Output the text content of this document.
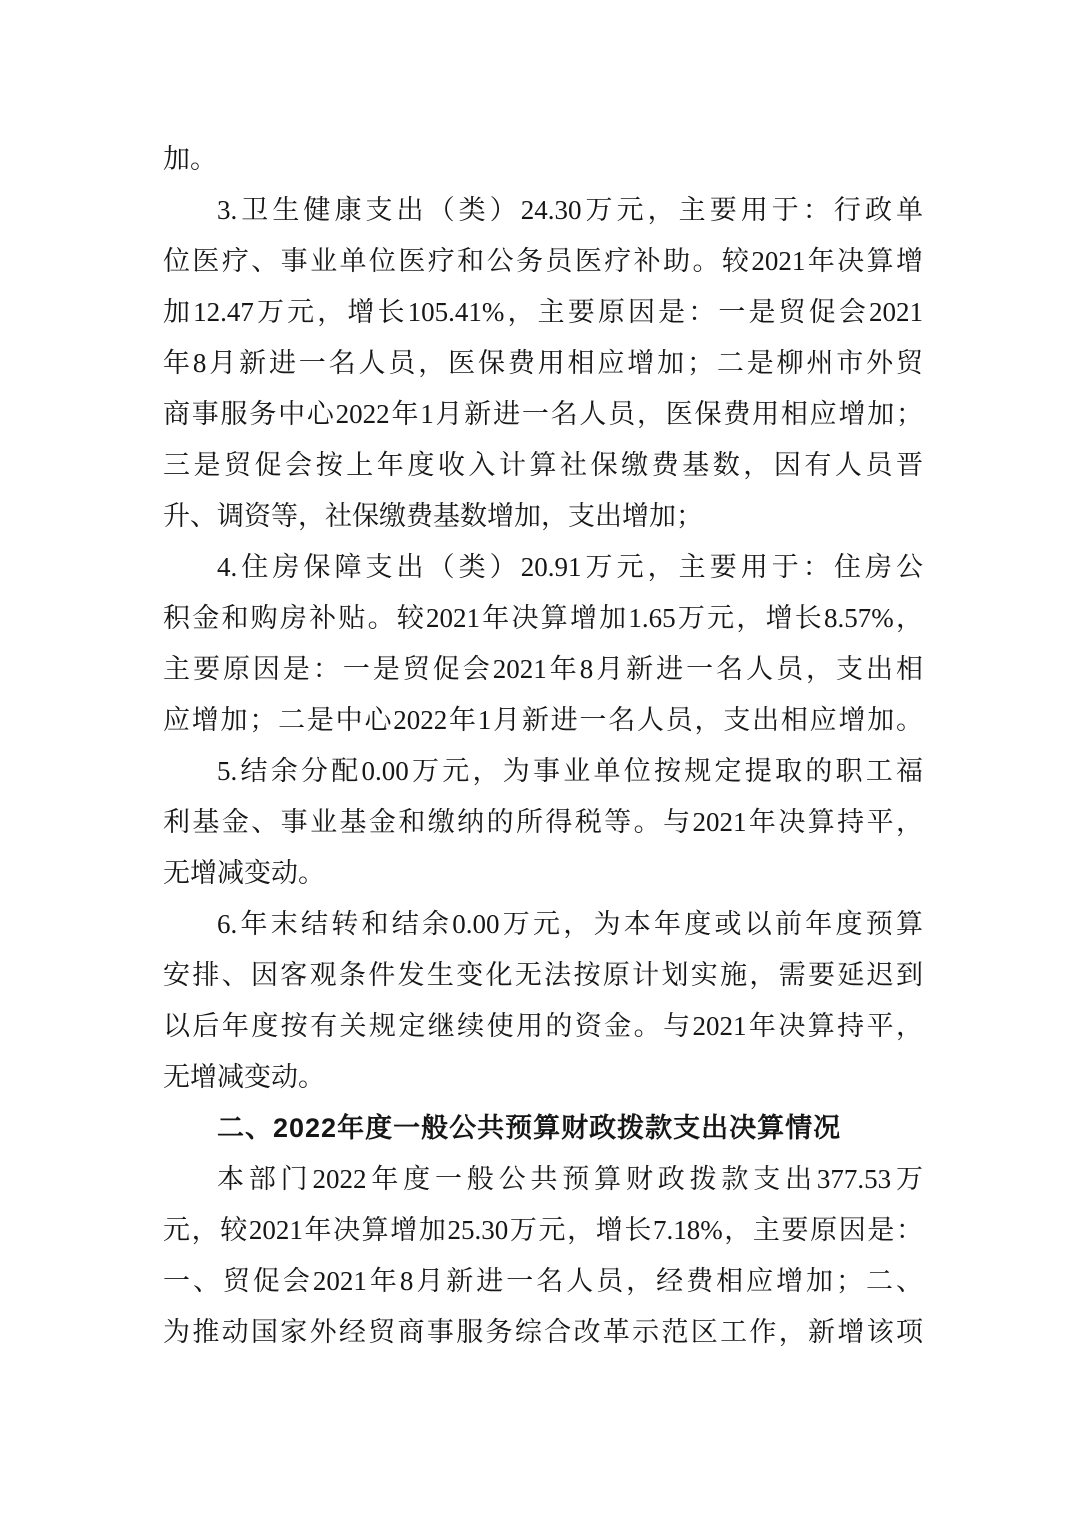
加。
3.卫生健康支出（类）24.30万元，主要用于：行政单
位医疗、事业单位医疗和公务员医疗补助。较2021年决算增
加12.47万元，增长105.41%，主要原因是：一是贸促会2021
年8月新进一名人员，医保费用相应增加；二是柳州市外贸
商事服务中心2022年1月新进一名人员，医保费用相应增加；
三是贸促会按上年度收入计算社保缴费基数，因有人员晋
升、调资等，社保缴费基数增加，支出增加；
4.住房保障支出（类）20.91万元，主要用于：住房公
积金和购房补贴。较2021年决算增加1.65万元，增长8.57%，
主要原因是：一是贸促会2021年8月新进一名人员，支出相
应增加；二是中心2022年1月新进一名人员，支出相应增加。
5.结余分配0.00万元，为事业单位按规定提取的职工福
利基金、事业基金和缴纳的所得税等。与2021年决算持平，
无增减变动。
6.年末结转和结余0.00万元，为本年度或以前年度预算
安排、因客观条件发生变化无法按原计划实施，需要延迟到
以后年度按有关规定继续使用的资金。与2021年决算持平，
无增减变动。
二、2022年度一般公共预算财政拨款支出决算情况
本部门2022年度一般公共预算财政拨款支出377.53万
元，较2021年决算增加25.30万元，增长7.18%，主要原因是：
一、贸促会2021年8月新进一名人员，经费相应增加；二、
为推动国家外经贸商事服务综合改革示范区工作，新增该项
